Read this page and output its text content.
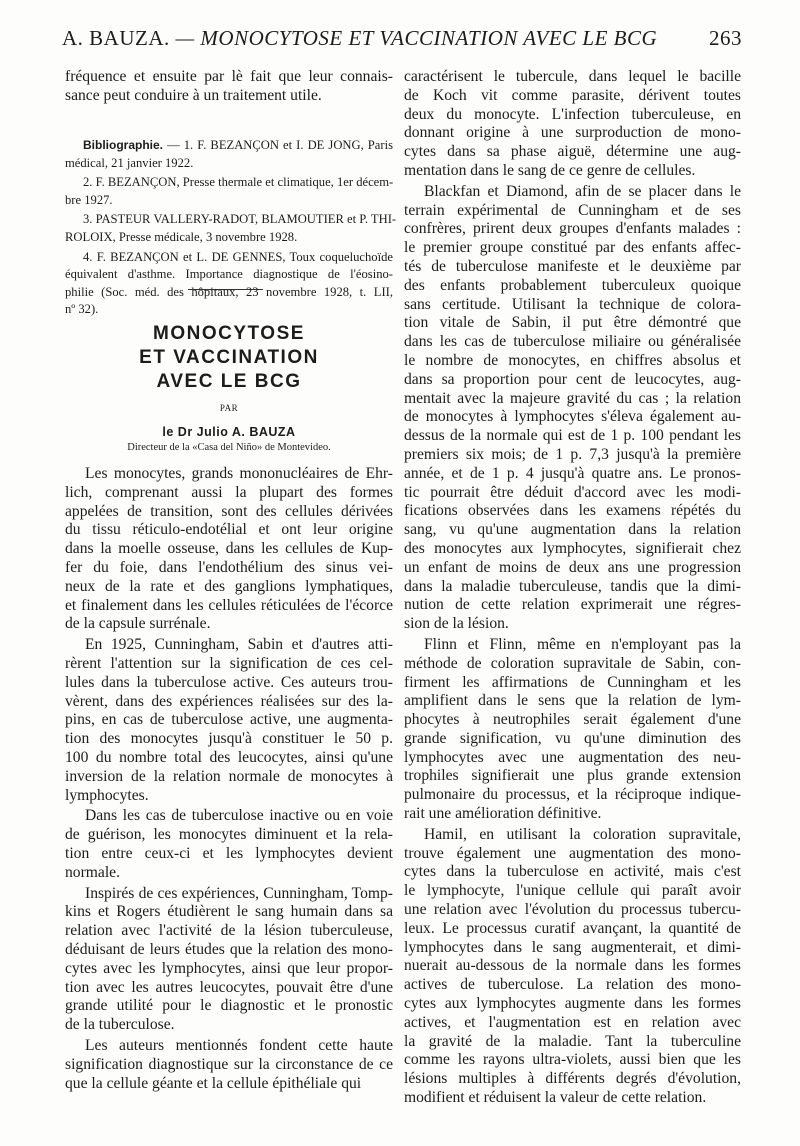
A. BAUZA. — MONOCYTOSE ET VACCINATION AVEC LE BCG 263
fréquence et ensuite par lè fait que leur connais-
sance peut conduire à un traitement utile.
Bibliographie. — 1. F. BEZANÇON et I. DE JONG, Paris
médical, 21 janvier 1922.
2. F. BEZANÇON, Presse thermale et climatique, 1er décem-
bre 1927.
3. PASTEUR VALLERY-RADOT, BLAMOUTIER et P. THI-
ROLOIX, Presse médicale, 3 novembre 1928.
4. F. BEZANÇON et L. DE GENNES, Toux coqueluchoïde
équivalent d'asthme. Importance diagnostique de l'éosino-
philie (Soc. méd. des hôpitaux, 23 novembre 1928, t. LII,
nº 32).
MONOCYTOSE
ET VACCINATION
AVEC LE BCG
PAR
le Dr Julio A. BAUZA
Directeur de la «Casa del Niño» de Montevideo.
Les monocytes, grands mononucléaires de Ehr-
lich, comprenant aussi la plupart des formes
appelées de transition, sont des cellules dérivées
du tissu réticulo-endotélial et ont leur origine
dans la moelle osseuse, dans les cellules de Kup-
fer du foie, dans l'endothélium des sinus vei-
neux de la rate et des ganglions lymphatiques,
et finalement dans les cellules réticulées de l'écorce
de la capsule surrénale.
En 1925, Cunningham, Sabin et d'autres atti-
rèrent l'attention sur la signification de ces cel-
lules dans la tuberculose active. Ces auteurs trou-
vèrent, dans des expériences réalisées sur des la-
pins, en cas de tuberculose active, une augmenta-
tion des monocytes jusqu'à constituer le 50 p.
100 du nombre total des leucocytes, ainsi qu'une
inversion de la relation normale de monocytes à
lymphocytes.
Dans les cas de tuberculose inactive ou en voie
de guérison, les monocytes diminuent et la rela-
tion entre ceux-ci et les lymphocytes devient
normale.
Inspirés de ces expériences, Cunningham, Tomp-
kins et Rogers étudièrent le sang humain dans sa
relation avec l'activité de la lésion tuberculeuse,
déduisant de leurs études que la relation des mono-
cytes avec les lymphocytes, ainsi que leur propor-
tion avec les autres leucocytes, pouvait être d'une
grande utilité pour le diagnostic et le pronostic
de la tuberculose.
Les auteurs mentionnés fondent cette haute
signification diagnostique sur la circonstance de ce
que la cellule géante et la cellule épithéliale qui
caractérisent le tubercule, dans lequel le bacille
de Koch vit comme parasite, dérivent toutes
deux du monocyte. L'infection tuberculeuse, en
donnant origine à une surproduction de mono-
cytes dans sa phase aiguë, détermine une aug-
mentation dans le sang de ce genre de cellules.
Blackfan et Diamond, afin de se placer dans le
terrain expérimental de Cunningham et de ses
confrères, prirent deux groupes d'enfants malades :
le premier groupe constitué par des enfants affec-
tés de tuberculose manifeste et le deuxième par
des enfants probablement tuberculeux quoique
sans certitude. Utilisant la technique de colora-
tion vitale de Sabin, il put être démontré que
dans les cas de tuberculose miliaire ou généralisée
le nombre de monocytes, en chiffres absolus et
dans sa proportion pour cent de leucocytes, aug-
mentait avec la majeure gravité du cas ; la relation
de monocytes à lymphocytes s'éleva également au-
dessus de la normale qui est de 1 p. 100 pendant les
premiers six mois; de 1 p. 7,3 jusqu'à la première
année, et de 1 p. 4 jusqu'à quatre ans. Le pronos-
tic pourrait être déduit d'accord avec les modi-
fications observées dans les examens répétés du
sang, vu qu'une augmentation dans la relation
des monocytes aux lymphocytes, signifierait chez
un enfant de moins de deux ans une progression
dans la maladie tuberculeuse, tandis que la dimi-
nution de cette relation exprimerait une régres-
sion de la lésion.
Flinn et Flinn, même en n'employant pas la
méthode de coloration supravitale de Sabin, con-
firment les affirmations de Cunningham et les
amplifient dans le sens que la relation de lym-
phocytes à neutrophiles serait également d'une
grande signification, vu qu'une diminution des
lymphocytes avec une augmentation des neu-
trophiles signifierait une plus grande extension
pulmonaire du processus, et la réciproque indique-
rait une amélioration définitive.
Hamil, en utilisant la coloration supravitale,
trouve également une augmentation des mono-
cytes dans la tuberculose en activité, mais c'est
le lymphocyte, l'unique cellule qui paraît avoir
une relation avec l'évolution du processus tubercu-
leux. Le processus curatif avançant, la quantité de
lymphocytes dans le sang augmenterait, et dimi-
nuerait au-dessous de la normale dans les formes
actives de tuberculose. La relation des mono-
cytes aux lymphocytes augmente dans les formes
actives, et l'augmentation est en relation avec
la gravité de la maladie. Tant la tuberculine
comme les rayons ultra-violets, aussi bien que les
lésions multiples à différents degrés d'évolution,
modifient et réduisent la valeur de cette relation.
